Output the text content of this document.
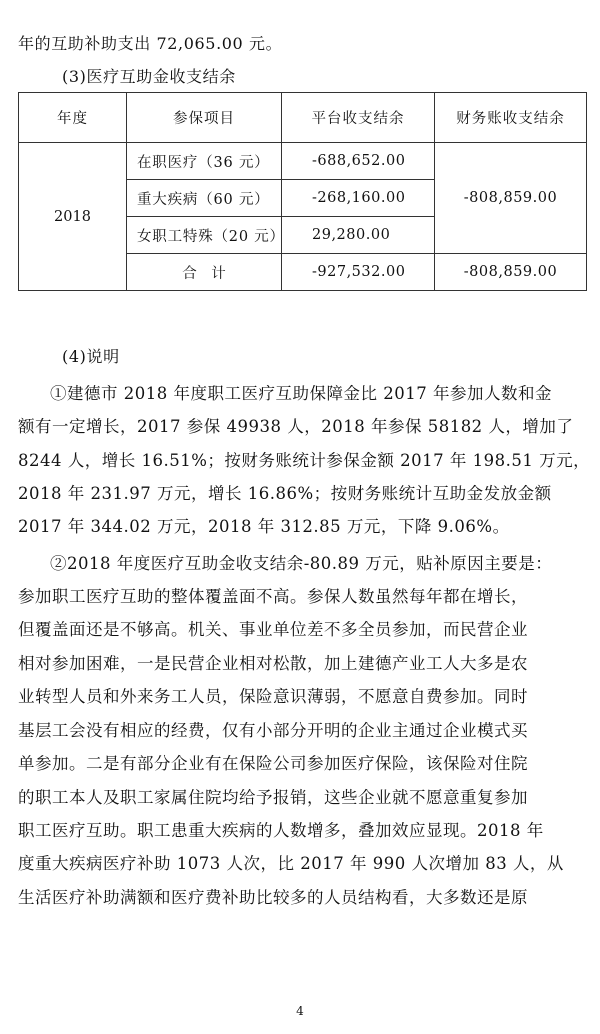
年的互助补助支出 72,065.00 元。
(3)医疗互助金收支结余
年度	参保项目	平台收支结余	财务账收支结余
2018	在职医疗（36 元）	-688,652.00	-808,859.00
	重大疾病（60 元）	-268,160.00	
	女职工特殊（20 元）	29,280.00	
	合　计	-927,532.00	-808,859.00
(4)说明
①建德市 2018 年度职工医疗互助保障金比 2017 年参加人数和金
额有一定增长，2017 参保 49938 人，2018 年参保 58182 人，增加了
8244 人，增长 16.51%；按财务账统计参保金额 2017 年 198.51 万元，
2018 年 231.97 万元，增长 16.86%；按财务账统计互助金发放金额
2017 年 344.02 万元，2018 年 312.85 万元，下降 9.06%。
②2018 年度医疗互助金收支结余-80.89 万元，贴补原因主要是：
参加职工医疗互助的整体覆盖面不高。参保人数虽然每年都在增长，
但覆盖面还是不够高。机关、事业单位差不多全员参加，而民营企业
相对参加困难，一是民营企业相对松散，加上建德产业工人大多是农
业转型人员和外来务工人员，保险意识薄弱，不愿意自费参加。同时
基层工会没有相应的经费，仅有小部分开明的企业主通过企业模式买
单参加。二是有部分企业有在保险公司参加医疗保险，该保险对住院
的职工本人及职工家属住院均给予报销，这些企业就不愿意重复参加
职工医疗互助。职工患重大疾病的人数增多，叠加效应显现。2018 年
度重大疾病医疗补助 1073 人次，比 2017 年 990 人次增加 83 人，从
生活医疗补助满额和医疗费补助比较多的人员结构看，大多数还是原
4
